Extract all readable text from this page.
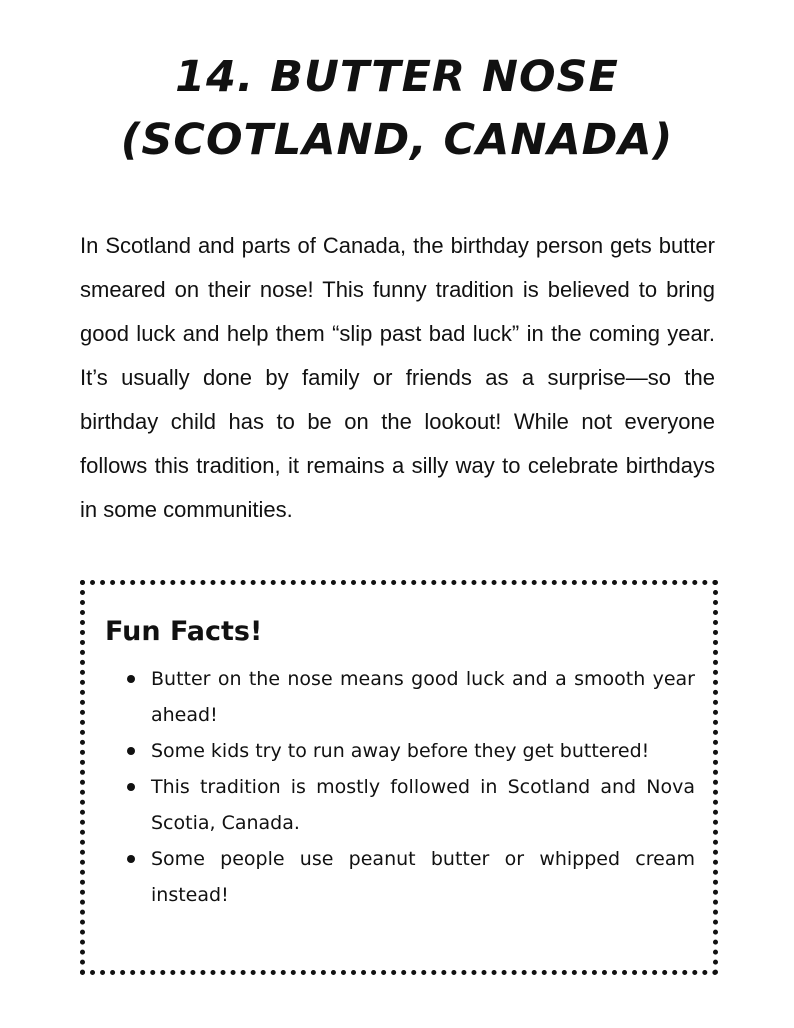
14. BUTTER NOSE
(SCOTLAND, CANADA)

In Scotland and parts of Canada, the birthday person gets butter smeared on their nose! This funny tradition is believed to bring good luck and help them “slip past bad luck” in the coming year. It’s usually done by family or friends as a surprise—so the birthday child has to be on the lookout! While not everyone follows this tradition, it remains a silly way to celebrate birthdays in some communities.

Fun Facts!
Butter on the nose means good luck and a smooth year ahead!
Some kids try to run away before they get buttered!
This tradition is mostly followed in Scotland and Nova Scotia, Canada.
Some people use peanut butter or whipped cream instead!
